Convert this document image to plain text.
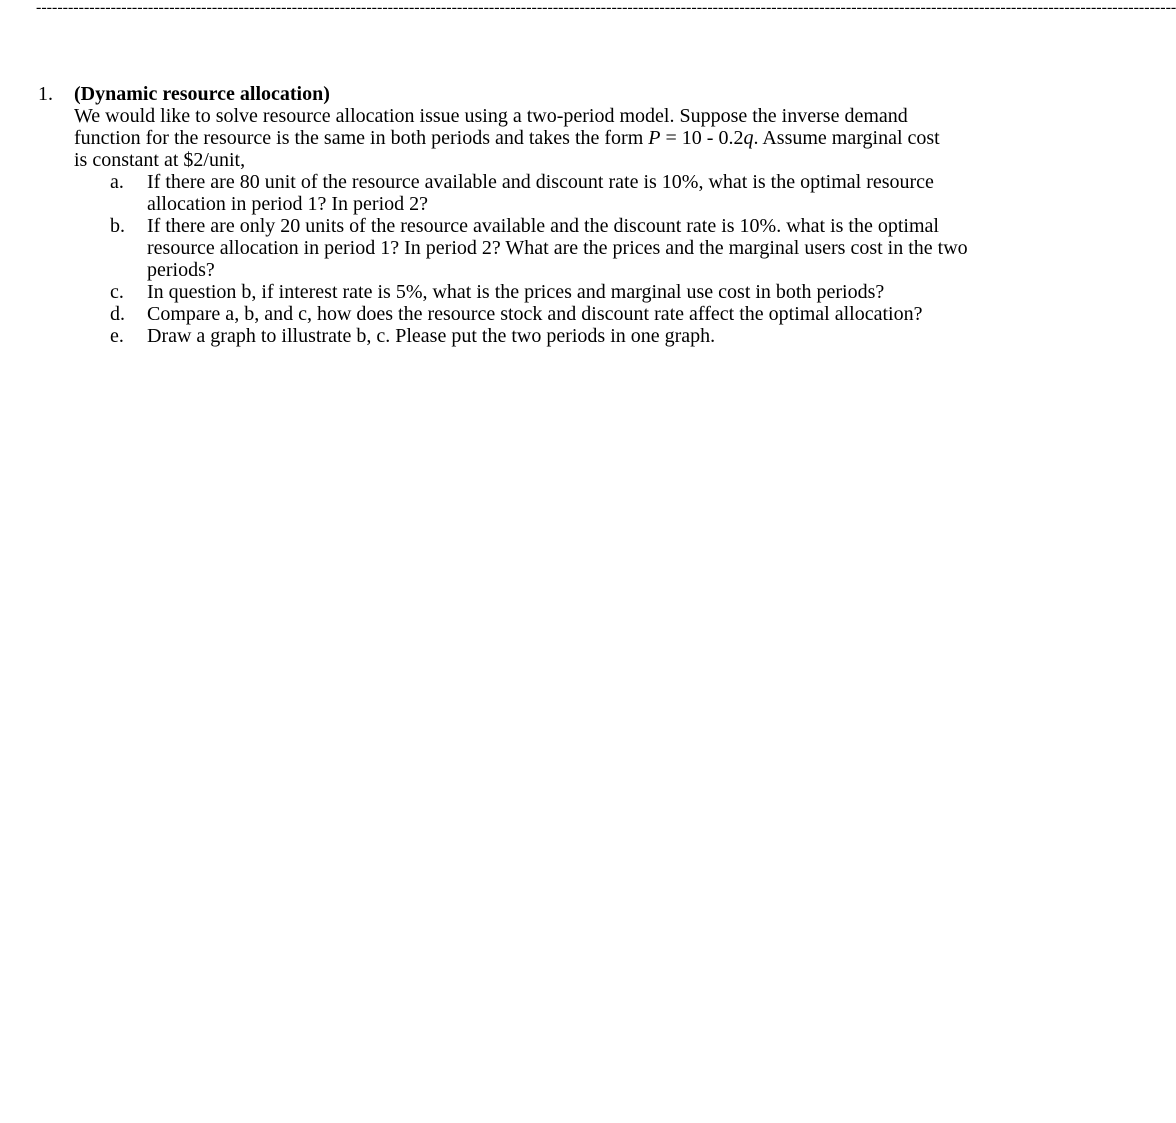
----------------------------------------------------------------------------------------------------------------------------------------------------------------------------------------------------------------------
1.	(Dynamic resource allocation)
We would like to solve resource allocation issue using a two-period model. Suppose the inverse demand function for the resource is the same in both periods and takes the form P = 10 - 0.2q. Assume marginal cost is constant at $2/unit,
a.	If there are 80 unit of the resource available and discount rate is 10%, what is the optimal resource allocation in period 1? In period 2?
b.	If there are only 20 units of the resource available and the discount rate is 10%. what is the optimal resource allocation in period 1? In period 2? What are the prices and the marginal users cost in the two periods?
c.	In question b, if interest rate is 5%, what is the prices and marginal use cost in both periods?
d.	Compare a, b, and c, how does the resource stock and discount rate affect the optimal allocation?
e.	Draw a graph to illustrate b, c. Please put the two periods in one graph.
